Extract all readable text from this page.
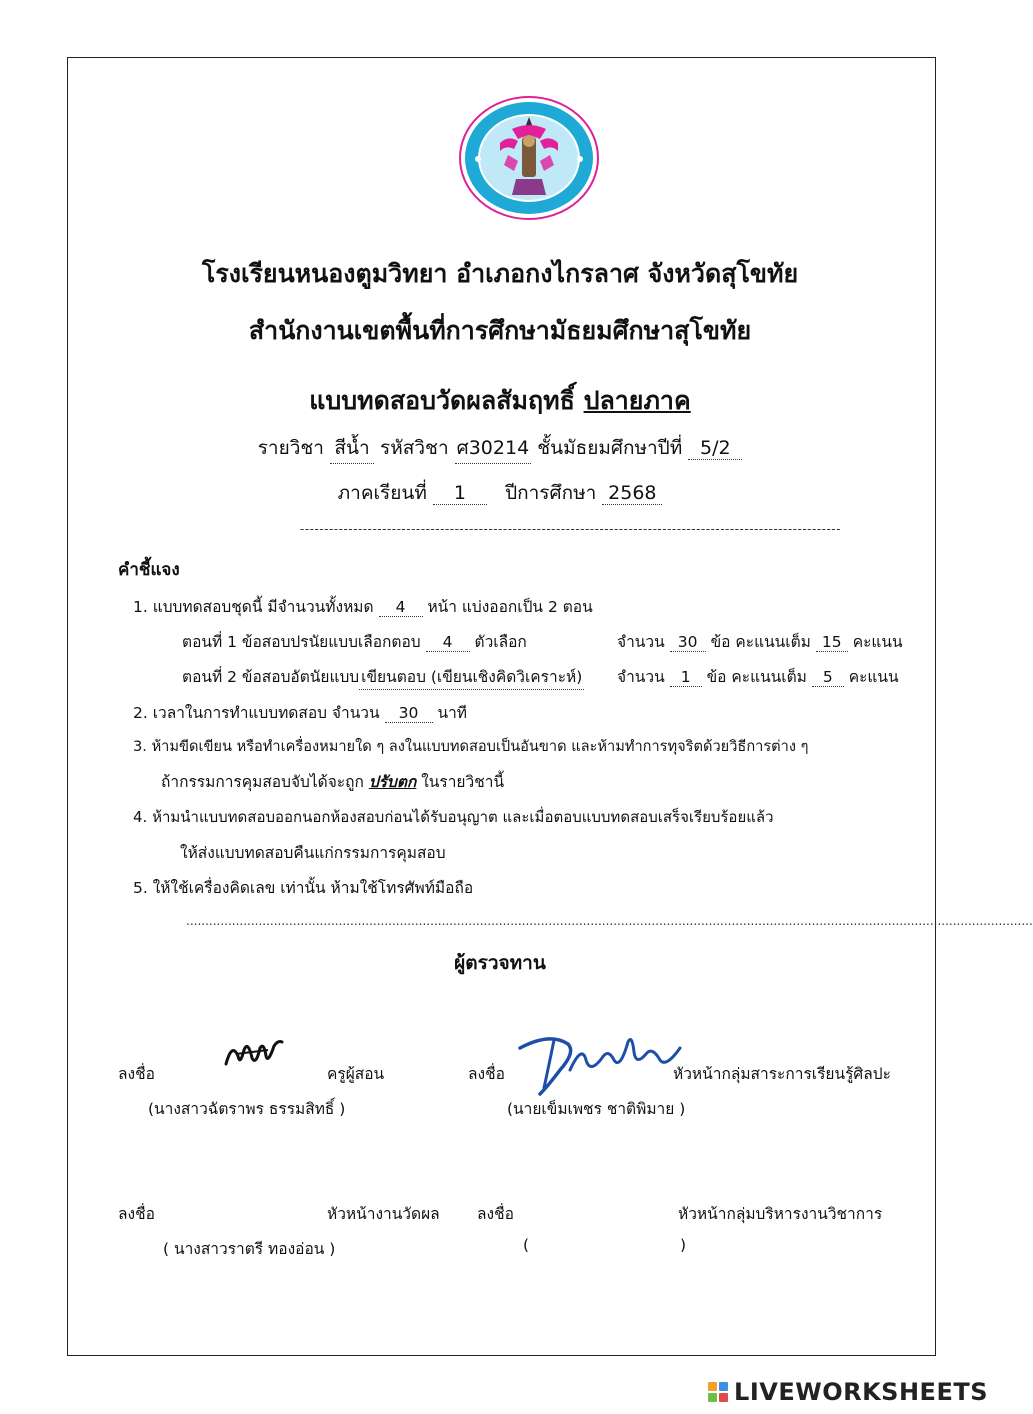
โรงเรียนหนองตูมวิทยา อำเภอกงไกรลาศ จังหวัดสุโขทัย
สำนักงานเขตพื้นที่การศึกษามัธยมศึกษาสุโขทัย
แบบทดสอบวัดผลสัมฤทธิ์ ปลายภาค
รายวิชา สีน้ำ รหัสวิชา ศ30214 ชั้นมัธยมศึกษาปีที่ 5/2
ภาคเรียนที่ 1 ปีการศึกษา 2568
----------------------------------------------------------------------------------------------------------------
คำชี้แจง
1. แบบทดสอบชุดนี้ มีจำนวนทั้งหมด 4 หน้า แบ่งออกเป็น 2 ตอน
ตอนที่ 1 ข้อสอบปรนัยแบบเลือกตอบ 4 ตัวเลือก	จำนวน 30 ข้อ คะแนนเต็ม 15 คะแนน
ตอนที่ 2 ข้อสอบอัตนัยแบบ เขียนตอบ (เขียนเชิงคิดวิเคราะห์) จำนวน 1 ข้อ คะแนนเต็ม 5 คะแนน
2. เวลาในการทำแบบทดสอบ จำนวน 30 นาที
3. ห้ามขีดเขียน หรือทำเครื่องหมายใด ๆ ลงในแบบทดสอบเป็นอันขาด และห้ามทำการทุจริตด้วยวิธีการต่าง ๆ
ถ้ากรรมการคุมสอบจับได้จะถูก ปรับตก ในรายวิชานี้
4. ห้ามนำแบบทดสอบออกนอกห้องสอบก่อนได้รับอนุญาต และเมื่อตอบแบบทดสอบเสร็จเรียบร้อยแล้ว
ให้ส่งแบบทดสอบคืนแก่กรรมการคุมสอบ
5. ให้ใช้เครื่องคิดเลข เท่านั้น ห้ามใช้โทรศัพท์มือถือ
..............................................................................................................................................................................................................................
ผู้ตรวจทาน
ลงชื่อ	ครูผู้สอน
(นางสาวฉัตราพร ธรรมสิทธิ์ )
ลงชื่อ	หัวหน้ากลุ่มสาระการเรียนรู้ศิลปะ
(นายเข็มเพชร ชาติพิมาย )
ลงชื่อ	หัวหน้างานวัดผล
( นางสาวราตรี ทองอ่อน )
ลงชื่อ	หัวหน้ากลุ่มบริหารงานวิชาการ
(	)
LIVEWORKSHEETS
